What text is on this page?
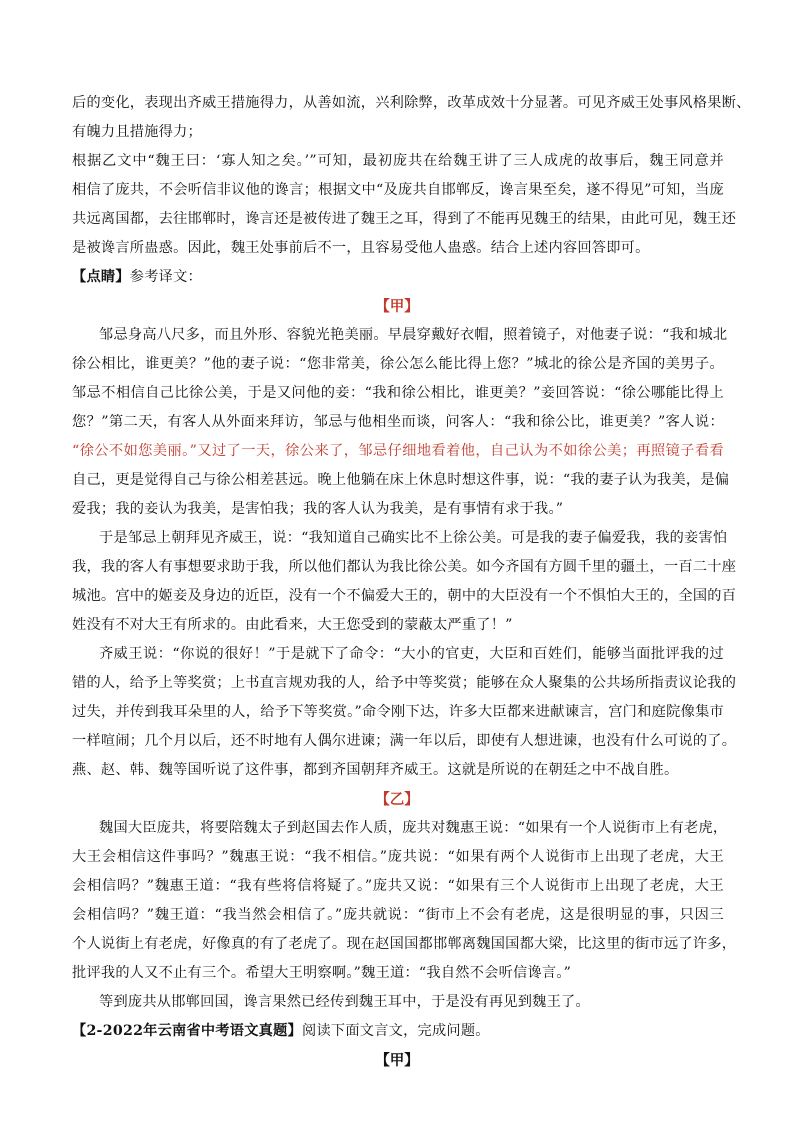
后的变化，表现出齐威王措施得力，从善如流，兴利除弊，改革成效十分显著。可见齐威王处事风格果断、
有魄力且措施得力；
根据乙文中“魏王曰：‘寡人知之矣。’”可知，最初庞共在给魏王讲了三人成虎的故事后，魏王同意并
相信了庞共，不会听信非议他的谗言；根据文中“及庞共自邯郸反，谗言果至矣，遂不得见”可知，当庞
共远离国都，去往邯郸时，谗言还是被传进了魏王之耳，得到了不能再见魏王的结果，由此可见，魏王还
是被谗言所蛊惑。因此，魏王处事前后不一，且容易受他人蛊惑。结合上述内容回答即可。
【点睛】参考译文：
【甲】
邹忌身高八尺多，而且外形、容貌光艳美丽。早晨穿戴好衣帽，照着镜子，对他妻子说：“我和城北
徐公相比，谁更美？”他的妻子说：“您非常美，徐公怎么能比得上您？”城北的徐公是齐国的美男子。
邹忌不相信自己比徐公美，于是又问他的妾：“我和徐公相比，谁更美？”妾回答说：“徐公哪能比得上
您？”第二天，有客人从外面来拜访，邹忌与他相坐而谈，问客人：“我和徐公比，谁更美？”客人说：
“徐公不如您美丽。”又过了一天，徐公来了，邹忌仔细地看着他，自己认为不如徐公美；再照镜子看看
自己，更是觉得自己与徐公相差甚远。晚上他躺在床上休息时想这件事，说：“我的妻子认为我美，是偏
爱我；我的妾认为我美，是害怕我；我的客人认为我美，是有事情有求于我。”
于是邹忌上朝拜见齐威王，说：“我知道自己确实比不上徐公美。可是我的妻子偏爱我，我的妾害怕
我，我的客人有事想要求助于我，所以他们都认为我比徐公美。如今齐国有方圆千里的疆土，一百二十座
城池。宫中的姬妾及身边的近臣，没有一个不偏爱大王的，朝中的大臣没有一个不惧怕大王的，全国的百
姓没有不对大王有所求的。由此看来，大王您受到的蒙蔽太严重了！”
齐威王说：“你说的很好！”于是就下了命令：“大小的官吏，大臣和百姓们，能够当面批评我的过
错的人，给予上等奖赏；上书直言规劝我的人，给予中等奖赏；能够在众人聚集的公共场所指责议论我的
过失，并传到我耳朵里的人，给予下等奖赏。”命令刚下达，许多大臣都来进献谏言，宫门和庭院像集市
一样喧闹；几个月以后，还不时地有人偶尔进谏；满一年以后，即使有人想进谏，也没有什么可说的了。
燕、赵、韩、魏等国听说了这件事，都到齐国朝拜齐威王。这就是所说的在朝廷之中不战自胜。
【乙】
魏国大臣庞共，将要陪魏太子到赵国去作人质，庞共对魏惠王说：“如果有一个人说街市上有老虎，
大王会相信这件事吗？”魏惠王说：“我不相信。”庞共说：“如果有两个人说街市上出现了老虎，大王
会相信吗？”魏惠王道：“我有些将信将疑了。”庞共又说：“如果有三个人说街市上出现了老虎，大王
会相信吗？”魏王道：“我当然会相信了。”庞共就说：“街市上不会有老虎，这是很明显的事，只因三
个人说街上有老虎，好像真的有了老虎了。现在赵国国都邯郸离魏国国都大梁，比这里的街市远了许多，
批评我的人又不止有三个。希望大王明察啊。”魏王道：“我自然不会听信谗言。”
等到庞共从邯郸回国，谗言果然已经传到魏王耳中，于是没有再见到魏王了。
【2-2022年云南省中考语文真题】阅读下面文言文，完成问题。
【甲】
